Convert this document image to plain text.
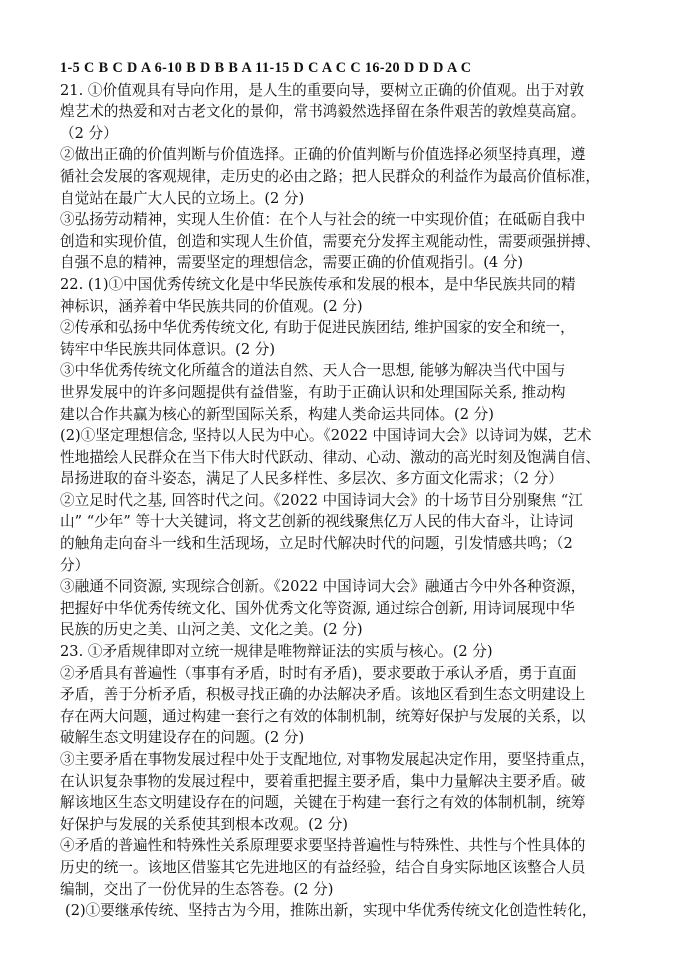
1-5 C B C D A 6-10 B D B B A 11-15 D C A C C 16-20 D D D A C
21. ①价值观具有导向作用，是人生的重要向导，要树立正确的价值观。出于对敦
煌艺术的热爱和对古老文化的景仰，常书鸿毅然选择留在条件艰苦的敦煌莫高窟。
（2 分）
②做出正确的价值判断与价值选择。正确的价值判断与价值选择必须坚持真理，遵
循社会发展的客观规律，走历史的必由之路；把人民群众的利益作为最高价值标准，
自觉站在最广大人民的立场上。(2 分)
③弘扬劳动精神，实现人生价值：在个人与社会的统一中实现价值；在砥砺自我中
创造和实现价值，创造和实现人生价值，需要充分发挥主观能动性，需要顽强拼搏、
自强不息的精神，需要坚定的理想信念，需要正确的价值观指引。(4 分)
22. (1)①中国优秀传统文化是中华民族传承和发展的根本，是中华民族共同的精
神标识，涵养着中华民族共同的价值观。(2 分)
②传承和弘扬中华优秀传统文化, 有助于促进民族团结, 维护国家的安全和统一，
铸牢中华民族共同体意识。(2 分)
③中华优秀传统文化所蕴含的道法自然、天人合一思想, 能够为解决当代中国与
世界发展中的许多问题提供有益借鉴，有助于正确认识和处理国际关系, 推动构
建以合作共赢为核心的新型国际关系，构建人类命运共同体。(2 分)
(2)①坚定理想信念, 坚持以人民为中心。《2022 中国诗词大会》以诗词为媒，艺术
性地描绘人民群众在当下伟大时代跃动、律动、心动、激动的高光时刻及饱满自信、
昂扬进取的奋斗姿态，满足了人民多样性、多层次、多方面文化需求；（2 分）
②立足时代之基, 回答时代之问。《2022 中国诗词大会》的十场节目分别聚焦 “江
山” “少年” 等十大关键词，将文艺创新的视线聚焦亿万人民的伟大奋斗，让诗词
的触角走向奋斗一线和生活现场，立足时代解决时代的问题，引发情感共鸣；（2
分）
③融通不同资源, 实现综合创新。《2022 中国诗词大会》融通古今中外各种资源，
把握好中华优秀传统文化、国外优秀文化等资源, 通过综合创新, 用诗词展现中华
民族的历史之美、山河之美、文化之美。(2 分)
23. ①矛盾规律即对立统一规律是唯物辩证法的实质与核心。(2 分)
②矛盾具有普遍性（事事有矛盾，时时有矛盾)，要求要敢于承认矛盾，勇于直面
矛盾，善于分析矛盾，积极寻找正确的办法解决矛盾。该地区看到生态文明建设上
存在两大问题，通过构建一套行之有效的体制机制，统筹好保护与发展的关系，以
破解生态文明建设存在的问题。(2 分)
③主要矛盾在事物发展过程中处于支配地位, 对事物发展起决定作用，要坚持重点，
在认识复杂事物的发展过程中，要着重把握主要矛盾，集中力量解决主要矛盾。破
解该地区生态文明建设存在的问题，关键在于构建一套行之有效的体制机制，统筹
好保护与发展的关系使其到根本改观。(2 分)
④矛盾的普遍性和特殊性关系原理要求要坚持普遍性与特殊性、共性与个性具体的
历史的统一。该地区借鉴其它先进地区的有益经验，结合自身实际地区该整合人员
编制，交出了一份优异的生态答卷。(2 分)
(2)①要继承传统、坚持古为今用，推陈出新，实现中华优秀传统文化创造性转化，
